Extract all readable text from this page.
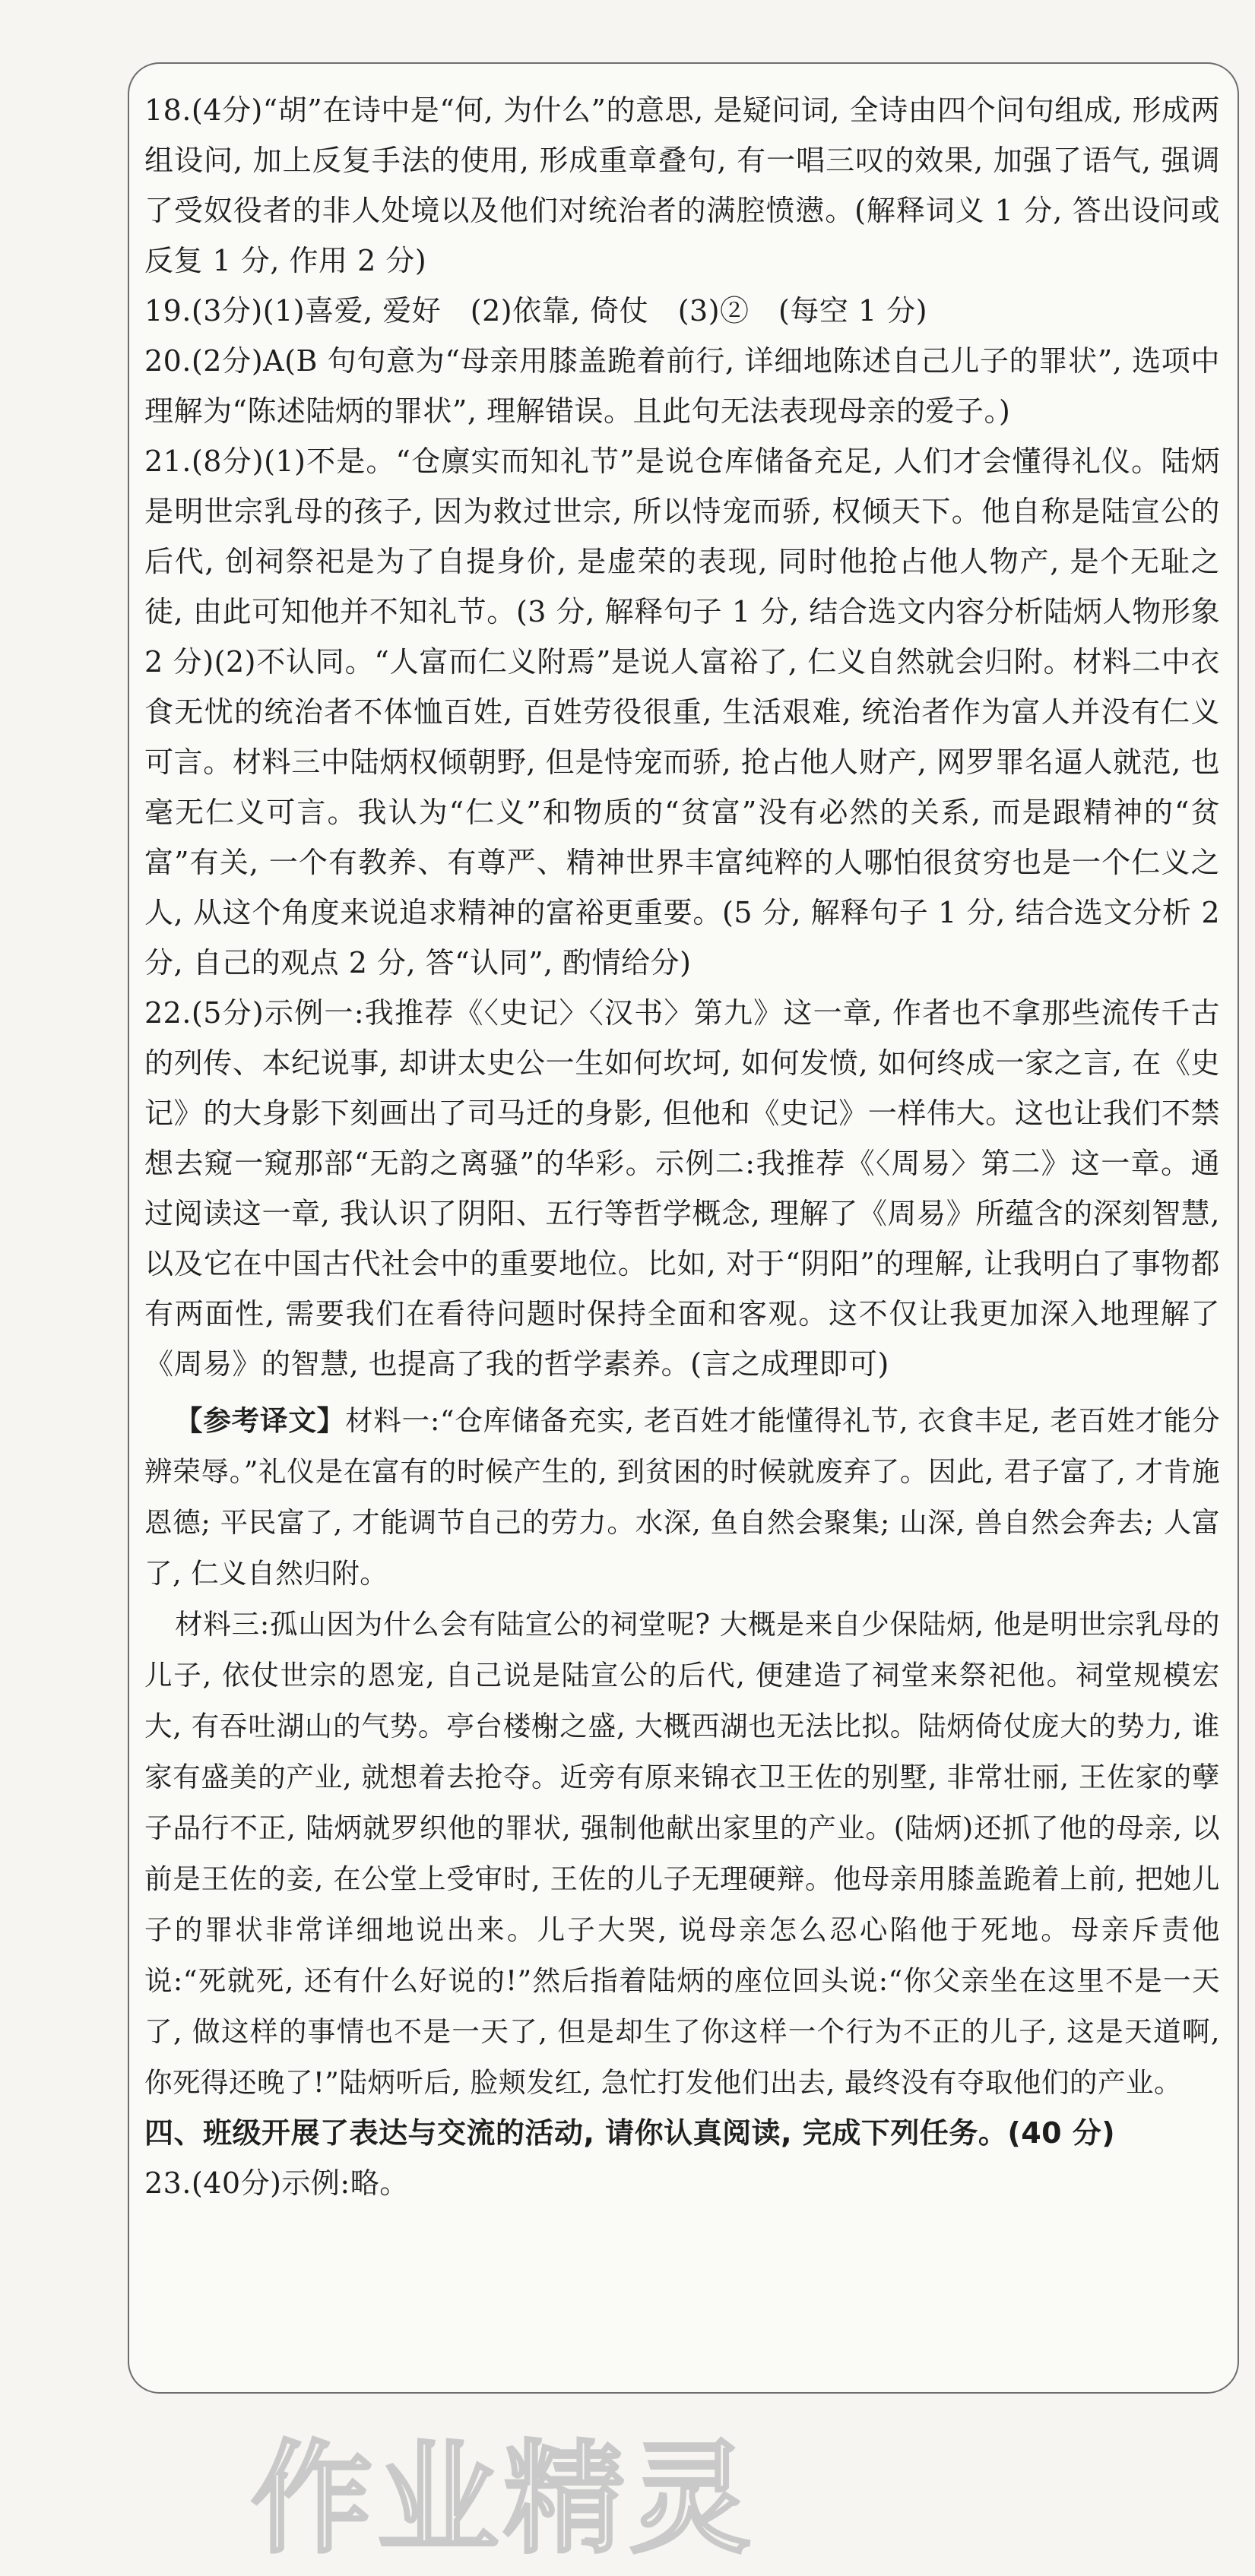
18.(4分)“胡”在诗中是“何, 为什么”的意思, 是疑问词, 全诗由四个问句组成, 形成两组设问, 加上反复手法的使用, 形成重章叠句, 有一唱三叹的效果, 加强了语气, 强调了受奴役者的非人处境以及他们对统治者的满腔愤懑。(解释词义 1 分, 答出设问或反复 1 分, 作用 2 分)

19.(3分)(1)喜爱, 爱好　(2)依靠, 倚仗　(3)②　(每空 1 分)

20.(2分)A(B 句句意为“母亲用膝盖跪着前行, 详细地陈述自己儿子的罪状”, 选项中理解为“陈述陆炳的罪状”, 理解错误。且此句无法表现母亲的爱子。)

21.(8分)(1)不是。“仓廪实而知礼节”是说仓库储备充足, 人们才会懂得礼仪。陆炳是明世宗乳母的孩子, 因为救过世宗, 所以恃宠而骄, 权倾天下。他自称是陆宣公的后代, 创祠祭祀是为了自提身价, 是虚荣的表现, 同时他抢占他人物产, 是个无耻之徒, 由此可知他并不知礼节。(3 分, 解释句子 1 分, 结合选文内容分析陆炳人物形象 2 分)(2)不认同。“人富而仁义附焉”是说人富裕了, 仁义自然就会归附。材料二中衣食无忧的统治者不体恤百姓, 百姓劳役很重, 生活艰难, 统治者作为富人并没有仁义可言。材料三中陆炳权倾朝野, 但是恃宠而骄, 抢占他人财产, 网罗罪名逼人就范, 也毫无仁义可言。我认为“仁义”和物质的“贫富”没有必然的关系, 而是跟精神的“贫富”有关, 一个有教养、有尊严、精神世界丰富纯粹的人哪怕很贫穷也是一个仁义之人, 从这个角度来说追求精神的富裕更重要。(5 分, 解释句子 1 分, 结合选文分析 2 分, 自己的观点 2 分, 答“认同”, 酌情给分)

22.(5分)示例一:我推荐《〈史记〉〈汉书〉第九》这一章, 作者也不拿那些流传千古的列传、本纪说事, 却讲太史公一生如何坎坷, 如何发愤, 如何终成一家之言, 在《史记》的大身影下刻画出了司马迁的身影, 但他和《史记》一样伟大。这也让我们不禁想去窥一窥那部“无韵之离骚”的华彩。示例二:我推荐《〈周易〉第二》这一章。通过阅读这一章, 我认识了阴阳、五行等哲学概念, 理解了《周易》所蕴含的深刻智慧, 以及它在中国古代社会中的重要地位。比如, 对于“阴阳”的理解, 让我明白了事物都有两面性, 需要我们在看待问题时保持全面和客观。这不仅让我更加深入地理解了《周易》的智慧, 也提高了我的哲学素养。(言之成理即可)

【参考译文】材料一:“仓库储备充实, 老百姓才能懂得礼节, 衣食丰足, 老百姓才能分辨荣辱。”礼仪是在富有的时候产生的, 到贫困的时候就废弃了。因此, 君子富了, 才肯施恩德; 平民富了, 才能调节自己的劳力。水深, 鱼自然会聚集; 山深, 兽自然会奔去; 人富了, 仁义自然归附。

材料三:孤山因为什么会有陆宣公的祠堂呢? 大概是来自少保陆炳, 他是明世宗乳母的儿子, 依仗世宗的恩宠, 自己说是陆宣公的后代, 便建造了祠堂来祭祀他。祠堂规模宏大, 有吞吐湖山的气势。亭台楼榭之盛, 大概西湖也无法比拟。陆炳倚仗庞大的势力, 谁家有盛美的产业, 就想着去抢夺。近旁有原来锦衣卫王佐的别墅, 非常壮丽, 王佐家的孽子品行不正, 陆炳就罗织他的罪状, 强制他献出家里的产业。(陆炳)还抓了他的母亲, 以前是王佐的妾, 在公堂上受审时, 王佐的儿子无理硬辩。他母亲用膝盖跪着上前, 把她儿子的罪状非常详细地说出来。儿子大哭, 说母亲怎么忍心陷他于死地。母亲斥责他说:“死就死, 还有什么好说的!”然后指着陆炳的座位回头说:“你父亲坐在这里不是一天了, 做这样的事情也不是一天了, 但是却生了你这样一个行为不正的儿子, 这是天道啊, 你死得还晚了!”陆炳听后, 脸颊发红, 急忙打发他们出去, 最终没有夺取他们的产业。

四、班级开展了表达与交流的活动, 请你认真阅读, 完成下列任务。(40 分)

23.(40分)示例:略。

作业精灵
